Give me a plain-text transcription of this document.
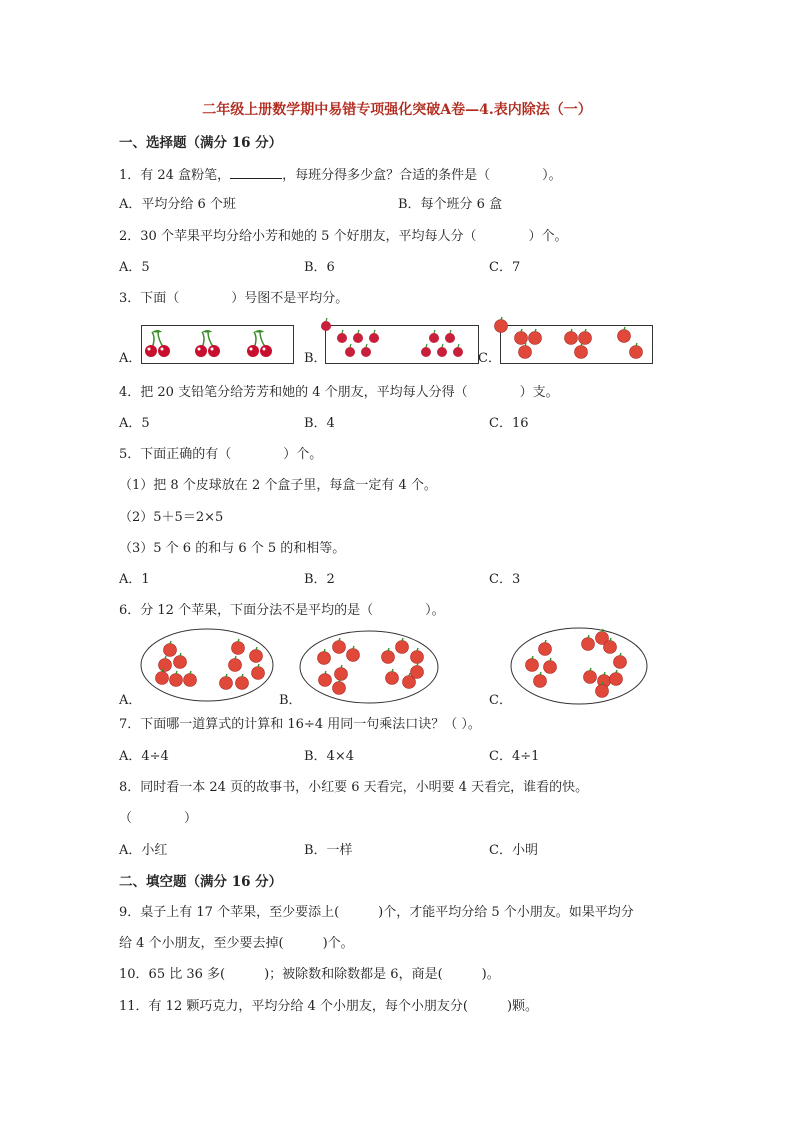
二年级上册数学期中易错专项强化突破A卷—4.表内除法（一）
一、选择题（满分 16 分）
1．有 24 盒粉笔，	，每班分得多少盒？合适的条件是（　　　　）。
A．平均分给 6 个班	B．每个班分 6 盒
2．30 个苹果平均分给小芳和她的 5 个好朋友，平均每人分（　　　　）个。
A．5	B．6	C．7
3．下面（　　　　）号图不是平均分。
A．	B．	C．
4．把 20 支铅笔分给芳芳和她的 4 个朋友，平均每人分得（　　　　）支。
A．5	B．4	C．16
5．下面正确的有（　　　　）个。
（1）把 8 个皮球放在 2 个盒子里，每盒一定有 4 个。
（2）5＋5＝2×5
（3）5 个 6 的和与 6 个 5 的和相等。
A．1	B．2	C．3
6．分 12 个苹果，下面分法不是平均的是（　　　　）。
A．	B．	C．
7．下面哪一道算式的计算和 16÷4 用同一句乘法口诀？（ ）。
A．4÷4	B．4×4	C．4÷1
8．同时看一本 24 页的故事书，小红要 6 天看完，小明要 4 天看完，谁看的快。
（　　　　）
A．小红	B．一样	C．小明
二、填空题（满分 16 分）
9．桌子上有 17 个苹果，至少要添上(　　　)个，才能平均分给 5 个小朋友。如果平均分
给 4 个小朋友，至少要去掉(　　　)个。
10．65 比 36 多(　　　)；被除数和除数都是 6，商是(　　　)。
11．有 12 颗巧克力，平均分给 4 个小朋友，每个小朋友分(　　　)颗。
